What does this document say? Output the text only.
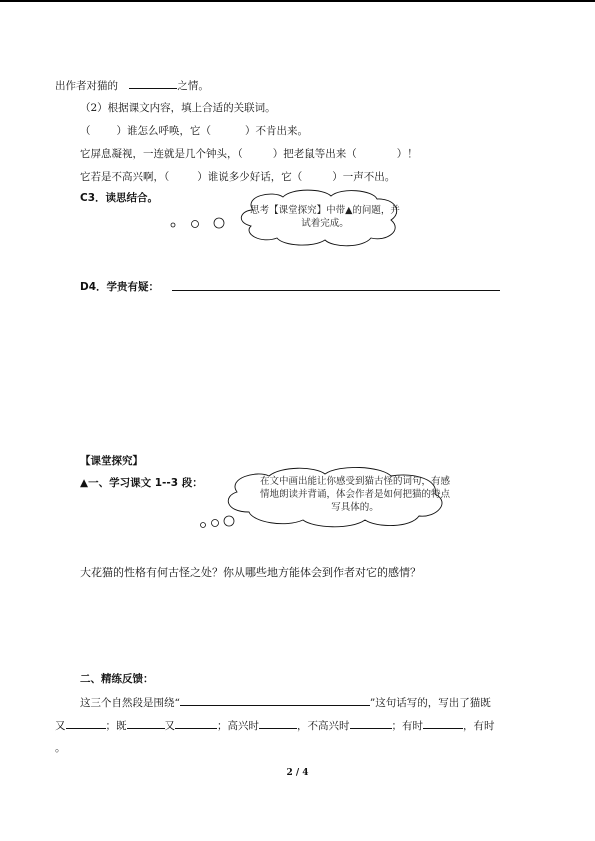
出作者对猫的	之情。
（2）根据课文内容，填上合适的关联词。
（ ）谁怎么呼唤，它（	）不肯出来。
它屏息凝视，一连就是几个钟头，（	）把老鼠等出来（	）！
它若是不高兴啊，（	）谁说多少好话，它（	）一声不出。
C3．读思结合。
思考【课堂探究】中带▲的问题，并试着完成。
D4．学贵有疑：
【课堂探究】
▲一、学习课文 1--3 段：	在文中画出能让你感受到猫古怪的词句，有感情地朗读并背诵，体会作者是如何把猫的特点写具体的。
大花猫的性格有何古怪之处？你从哪些地方能体会到作者对它的感情？
二、精练反馈：
这三个自然段是围绕“	”这句话写的，写出了猫既
又	；既	又	；高兴时	，不高兴时	；有时	，有时
。
2 / 4
